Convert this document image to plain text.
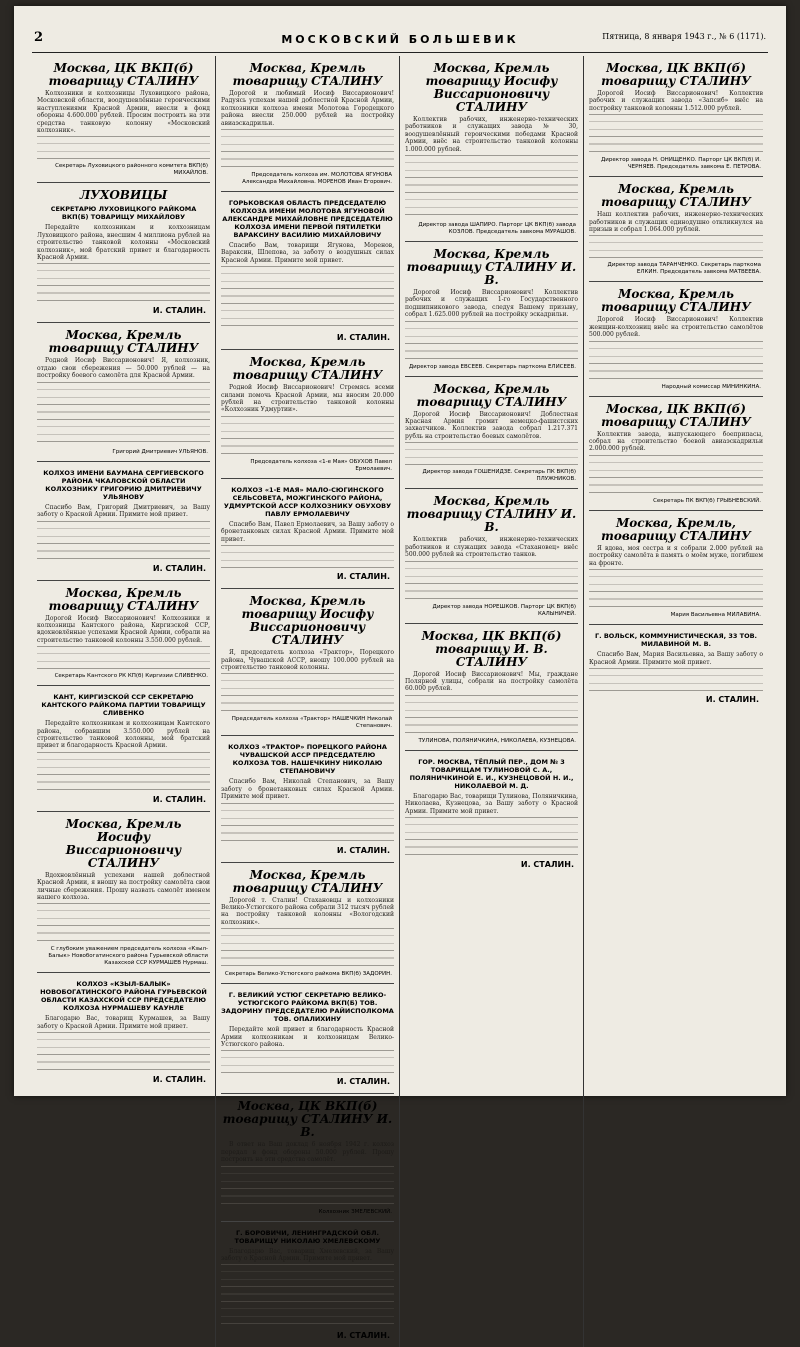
2	МОСКОВСКИЙ БОЛЬШЕВИК	Пятница, 8 января 1943 г., № 6 (1171).
Москва, ЦК ВКП(б) товарищу СТАЛИНУ
Колхозники и колхозницы Луховицкого района, Московской области, воодушевлённые героическими наступлениями Красной Армии, внесли в фонд обороны 4.600.000 рублей. Просим построить на эти средства танковую колонну «Московский колхозник».
Секретарь Луховицкого районного комитета ВКП(б) МИХАЙЛОВ.
ЛУХОВИЦЫ
СЕКРЕТАРЮ ЛУХОВИЦКОГО РАЙКОМА ВКП(Б) ТОВАРИЩУ МИХАЙЛОВУ
Передайте колхозникам и колхозницам Луховицкого района, внесшим 4 миллиона рублей на строительство танковой колонны «Московский колхозник», мой братский привет и благодарность Красной Армии.
И. СТАЛИН.
Москва, Кремль товарищу СТАЛИНУ
Родной Иосиф Виссарионович! Я, колхозник, отдаю свои сбережения — 50.000 рублей — на постройку боевого самолёта для Красной Армии.
Григорий Дмитриевич УЛЬЯНОВ.
КОЛХОЗ ИМЕНИ БАУМАНА СЕРГИЕВСКОГО РАЙОНА ЧКАЛОВСКОЙ ОБЛАСТИ КОЛХОЗНИКУ ГРИГОРИЮ ДМИТРИЕВИЧУ УЛЬЯНОВУ
Спасибо Вам, Григорий Дмитриевич, за Вашу заботу о Красной Армии. Примите мой привет.
И. СТАЛИН.
Москва, Кремль товарищу СТАЛИНУ
Дорогой Иосиф Виссарионович! Колхозники и колхозницы Кантского района, Киргизской ССР, вдохновлённые успехами Красной Армии, собрали на строительство танковой колонны 3.550.000 рублей.
Секретарь Кантского РК КП(б) Киргизии СЛИВЕНКО.
КАНТ, КИРГИЗСКОЙ ССР СЕКРЕТАРЮ КАНТСКОГО РАЙКОМА ПАРТИИ ТОВАРИЩУ СЛИВЕНКО
Передайте колхозникам и колхозницам Кантского района, собравшим 3.550.000 рублей на строительство танковой колонны, мой братский привет и благодарность Красной Армии.
И. СТАЛИН.
Москва, Кремль Иосифу Виссарионовичу СТАЛИНУ
Вдохновлённый успехами нашей доблестной Красной Армии, я вношу на постройку самолёта свои личные сбережения. Прошу назвать самолёт именем нашего колхоза.
С глубоким уважением председатель колхоза «Кзыл-Балык» Новобогатинского района Гурьевской области Казахской ССР КУРМАШЕВ Нурмаш.
КОЛХОЗ «КЗЫЛ-БАЛЫК» НОВОБОГАТИНСКОГО РАЙОНА ГУРЬЕВСКОЙ ОБЛАСТИ КАЗАХСКОЙ ССР ПРЕДСЕДАТЕЛЮ КОЛХОЗА НУРМАШЕВУ КАУНЛЕ
Благодарю Вас, товарищ Курмашев, за Вашу заботу о Красной Армии. Примите мой привет.
И. СТАЛИН.
Москва, Кремль товарищу СТАЛИНУ
Дорогой и любимый Иосиф Виссарионович! Радуясь успехам нашей доблестной Красной Армии, колхозники колхоза имени Молотова Городецкого района внесли 250.000 рублей на постройку авиаэскадрильи.
Председатель колхоза им. МОЛОТОВА ЯГУНОВА Александра Михайловна. МОРЕНОВ Иван Егорович.
ГОРЬКОВСКАЯ ОБЛАСТЬ ПРЕДСЕДАТЕЛЮ КОЛХОЗА ИМЕНИ МОЛОТОВА ЯГУНОВОЙ АЛЕКСАНДРЕ МИХАЙЛОВНЕ ПРЕДСЕДАТЕЛЮ КОЛХОЗА ИМЕНИ ПЕРВОЙ ПЯТИЛЕТКИ ВАРАКСИНУ ВАСИЛИЮ МИХАЙЛОВИЧУ
Спасибо Вам, товарищи Ягунова, Моренов, Вараксин, Шлепова, за заботу о воздушных силах Красной Армии. Примите мой привет.
И. СТАЛИН.
Москва, Кремль товарищу СТАЛИНУ
Родной Иосиф Виссарионович! Стремясь всеми силами помочь Красной Армии, мы вносим 20.000 рублей на строительство танковой колонны «Колхозник Удмуртии».
Председатель колхоза «1-е Мая» ОБУХОВ Павел Ермолаевич.
КОЛХОЗ «1-Е МАЯ» МАЛО-СЮГИНСКОГО СЕЛЬСОВЕТА, МОЖГИНСКОГО РАЙОНА, УДМУРТСКОЙ АССР КОЛХОЗНИКУ ОБУХОВУ ПАВЛУ ЕРМОЛАЕВИЧУ
Спасибо Вам, Павел Ермолаевич, за Вашу заботу о бронетанковых силах Красной Армии. Примите мой привет.
И. СТАЛИН.
Москва, Кремль товарищу Иосифу Виссарионовичу СТАЛИНУ
Я, председатель колхоза «Трактор», Порецкого района, Чувашской АССР, вношу 100.000 рублей на строительство танковой колонны.
Председатель колхоза «Трактор» НАШЕЧКИН Николай Степанович.
КОЛХОЗ «ТРАКТОР» ПОРЕЦКОГО РАЙОНА ЧУВАШСКОЙ АССР ПРЕДСЕДАТЕЛЮ КОЛХОЗА ТОВ. НАШЕЧКИНУ НИКОЛАЮ СТЕПАНОВИЧУ
Спасибо Вам, Николай Степанович, за Вашу заботу о бронетанковых силах Красной Армии. Примите мой привет.
И. СТАЛИН.
Москва, Кремль товарищу СТАЛИНУ
Дорогой т. Сталин! Стахановцы и колхозники Велико-Устюгского района собрали 312 тысяч рублей на постройку танковой колонны «Вологодский колхозник».
Секретарь Велико-Устюгского райкома ВКП(б) ЗАДОРИН.
Г. ВЕЛИКИЙ УСТЮГ СЕКРЕТАРЮ ВЕЛИКО-УСТЮГСКОГО РАЙКОМА ВКП(Б) ТОВ. ЗАДОРИНУ ПРЕДСЕДАТЕЛЮ РАЙИСПОЛКОМА ТОВ. ОПАЛИХИНУ
Передайте мой привет и благодарность Красной Армии колхозникам и колхозницам Велико-Устюгского района.
И. СТАЛИН.
Москва, ЦК ВКП(б) товарищу СТАЛИНУ И. В.
В ответ на Ваш доклад 6 ноября 1942 г. колхоз передал в фонд обороны 50.000 рублей. Прошу построить на эти средства самолёт.
Колхозник ЗМЕЛЕВСКИЙ.
Г. БОРОВИЧИ, ЛЕНИНГРАДСКОЙ ОБЛ. ТОВАРИЩУ НИКОЛАЮ ХМЕЛЕВСКОМУ
Благодарю Вас, товарищ Хмелевский, за Вашу заботу о Красной Армии. Примите мой привет.
И. СТАЛИН.
Москва, Кремль товарищу Иосифу Виссарионовичу СТАЛИНУ
Коллектив рабочих, инженерно-технических работников и служащих завода № 30, воодушевлённый героическими победами Красной Армии, внёс на строительство танковой колонны 1.000.000 рублей.
Директор завода ШАПИРО. Парторг ЦК ВКП(б) завода КОЗЛОВ. Председатель завкома МУРАШОВ.
Москва, Кремль товарищу СТАЛИНУ И. В.
Дорогой Иосиф Виссарионович! Коллектив рабочих и служащих 1-го Государственного подшипникового завода, следуя Вашему призыву, собрал 1.625.000 рублей на постройку эскадрильи.
Директор завода ЕВСЕЕВ. Секретарь парткома ЕЛИСЕЕВ.
Москва, Кремль товарищу СТАЛИНУ
Дорогой Иосиф Виссарионович! Доблестная Красная Армия громит немецко-фашистских захватчиков. Коллектив завода собрал 1.217.371 рубль на строительство боевых самолётов.
Директор завода ГОШЕНИДЗЕ. Секретарь ПК ВКП(б) ПЛУЖНИКОВ.
Москва, Кремль товарищу СТАЛИНУ И. В.
Коллектив рабочих, инженерно-технических работников и служащих завода «Стахановец» внёс 500.000 рублей на строительство танков.
Директор завода НОРЕШКОВ. Парторг ЦК ВКП(б) КАЛЫНИЧЕЙ.
Москва, ЦК ВКП(б) товарищу И. В. СТАЛИНУ
Дорогой Иосиф Виссарионович! Мы, граждане Полярной улицы, собрали на постройку самолёта 60.000 рублей.
ТУЛИНОВА, ПОЛЯНИЧКИНА, НИКОЛАЕВА, КУЗНЕЦОВА.
ГОР. МОСКВА, ТЁПЛЫЙ ПЕР., ДОМ № 3 ТОВАРИЩАМ ТУЛИНОВОЙ С. А., ПОЛЯНИЧКИНОЙ Е. И., КУЗНЕЦОВОЙ Н. И., НИКОЛАЕВОЙ М. Д.
Благодарю Вас, товарищи Тулинова, Поляничкина, Николаева, Кузнецова, за Вашу заботу о Красной Армии. Примите мой привет.
И. СТАЛИН.
Москва, ЦК ВКП(б) товарищу СТАЛИНУ
Дорогой Иосиф Виссарионович! Коллектив рабочих и служащих завода «Запсиб» внёс на постройку танковой колонны 1.512.000 рублей.
Директор завода Н. ОНИЩЕНКО. Парторг ЦК ВКП(б) И. ЧЕРНЯЕВ. Председатель завкома Е. ПЕТРОВА.
Москва, Кремль товарищу СТАЛИНУ
Наш коллектив рабочих, инженерно-технических работников и служащих единодушно откликнулся на призыв и собрал 1.064.000 рублей.
Директор завода ТАРАНЧЕНКО. Секретарь парткома ЕЛКИН. Председатель завкома МАТВЕЕВА.
Москва, Кремль товарищу СТАЛИНУ
Дорогой Иосиф Виссарионович! Коллектив женщин-колхозниц внёс на строительство самолётов 500.000 рублей.
Народный комиссар МИНИНКИНА.
Москва, ЦК ВКП(б) товарищу СТАЛИНУ
Коллектив завода, выпускающего боеприпасы, собрал на строительство боевой авиаэскадрильи 2.000.000 рублей.
Секретарь ПК ВКП(б) ГРЫБНЕВСКИЙ.
Москва, Кремль, товарищу СТАЛИНУ
Я вдова, моя сестра и я собрали 2.000 рублей на постройку самолёта в память о моём муже, погибшем на фронте.
Мария Васильевна МИЛАВИНА.
Г. ВОЛЬСК, КОММУНИСТИЧЕСКАЯ, 33 ТОВ. МИЛАВИНОЙ М. В.
Спасибо Вам, Мария Васильевна, за Вашу заботу о Красной Армии. Примите мой привет.
И. СТАЛИН.
